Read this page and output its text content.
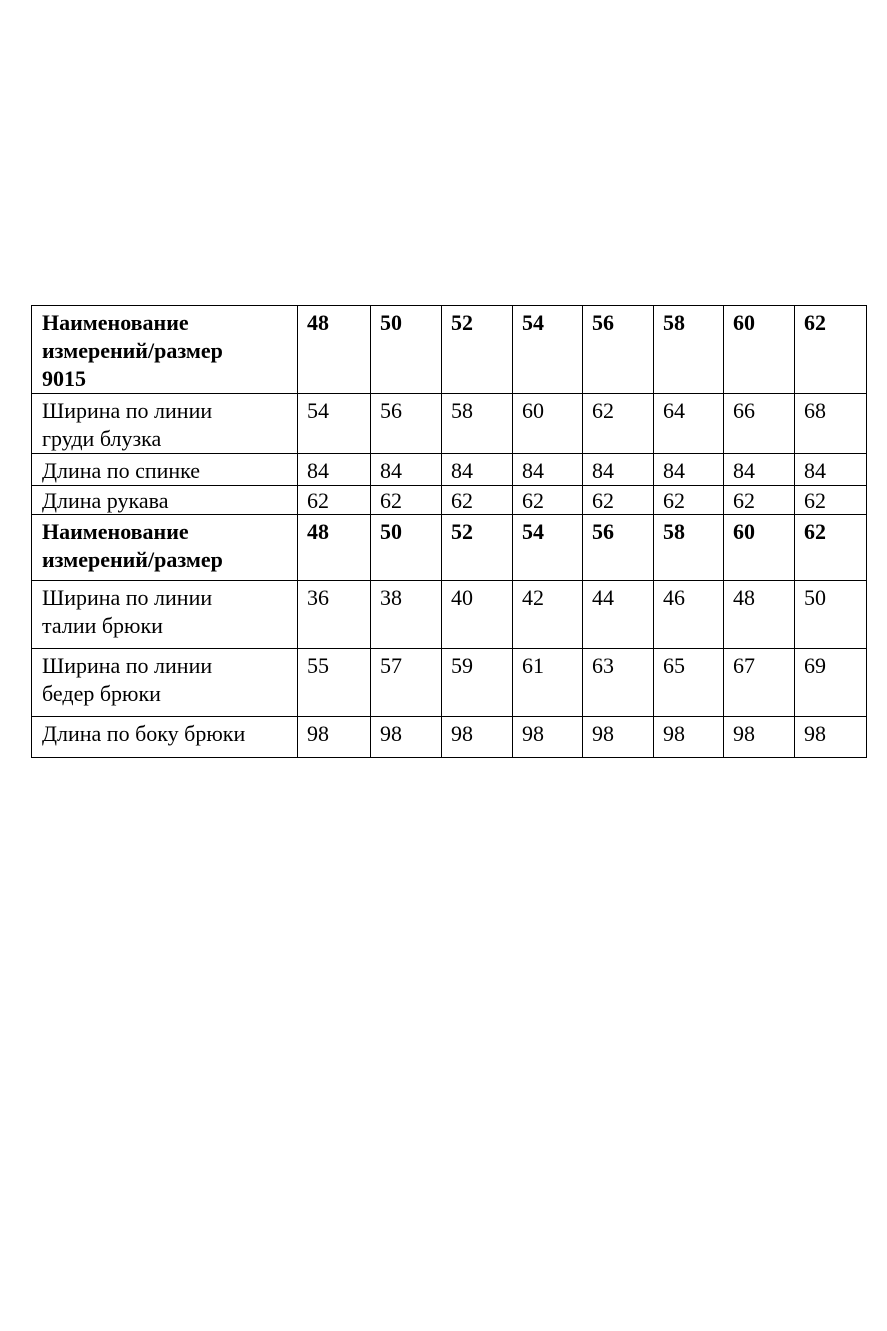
Наименование
измерений/размер
9015	48	50	52	54	56	58	60	62

Ширина по линии
груди блузка	54	56	58	60	62	64	66	68

Длина по спинке	84	84	84	84	84	84	84	84

Длина рукава	62	62	62	62	62	62	62	62

Наименование
измерений/размер	48	50	52	54	56	58	60	62

Ширина по линии
талии брюки	36	38	40	42	44	46	48	50

Ширина по линии
бедер брюки	55	57	59	61	63	65	67	69

Длина по боку брюки	98	98	98	98	98	98	98	98
